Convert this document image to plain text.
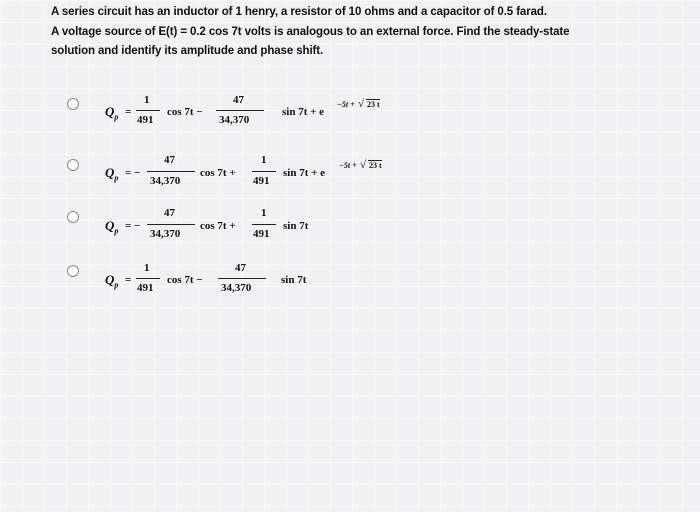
A series circuit has an inductor of 1 henry, a resistor of 10 ohms and a capacitor of 0.5 farad.
A voltage source of E(t) = 0.2 cos 7t volts is analogous to an external force. Find the steady-state
solution and identify its amplitude and phase shift.
$Q_p$ =
1
491
cos 7t −
47
34,370
sin 7t + e
−5t + √ 23 t
$Q_p$ = −
47
34,370
cos 7t +
1
491
sin 7t + e
−5t + √ 23 t
$Q_p$ = −
47
34,370
cos 7t +
1
491
sin 7t
$Q_p$ =
1
491
cos 7t −
47
34,370
sin 7t
